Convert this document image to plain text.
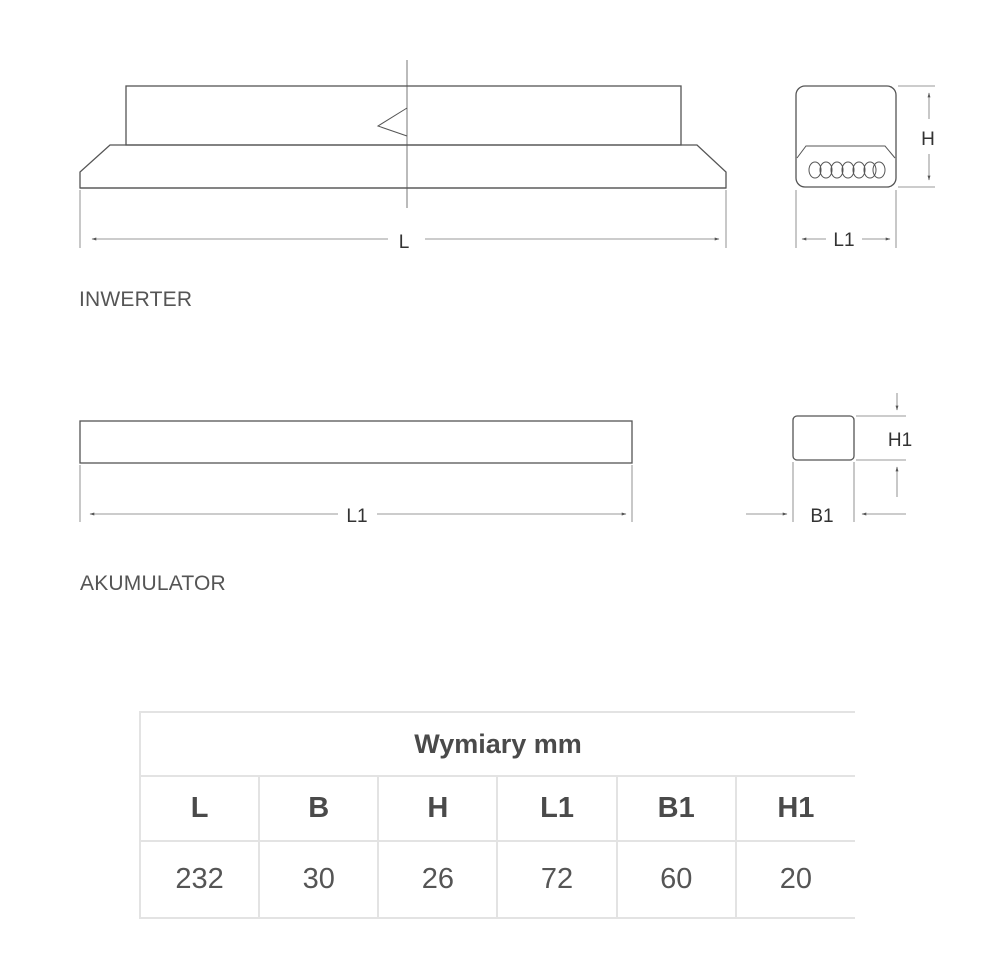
L
H
L1
L1
H1
B1
INWERTER
AKUMULATOR
Wymiary mm					
L	B	H	L1	B1	H1
232	30	26	72	60	20
